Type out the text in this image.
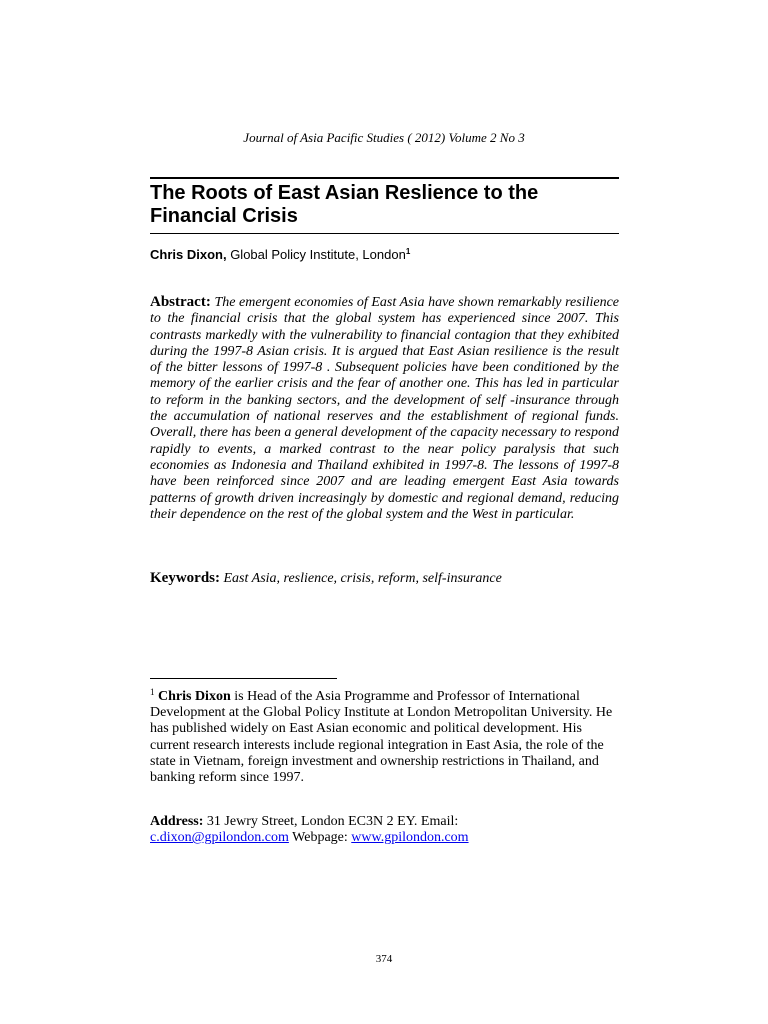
Journal of Asia Pacific Studies ( 2012) Volume 2 No 3
The Roots of East Asian Reslience to the Financial Crisis
Chris Dixon, Global Policy Institute, London$^1$
Abstract: The emergent economies of East Asia have shown remarkably resilience to the financial crisis that the global system has experienced since 2007. This contrasts markedly with the vulnerability to financial contagion that they exhibited during the 1997-8 Asian crisis. It is argued that East Asian resilience is the result of the bitter lessons of 1997-8 . Subsequent policies have been conditioned by the memory of the earlier crisis and the fear of another one. This has led in particular to reform in the banking sectors, and the development of self -insurance through the accumulation of national reserves and the establishment of regional funds. Overall, there has been a general development of the capacity necessary to respond rapidly to events, a marked contrast to the near policy paralysis that such economies as Indonesia and Thailand exhibited in 1997-8. The lessons of 1997-8 have been reinforced since 2007 and are leading emergent East Asia towards patterns of growth driven increasingly by domestic and regional demand, reducing their dependence on the rest of the global system and the West in particular.
Keywords: East Asia, reslience, crisis, reform, self-insurance
$^1$ Chris Dixon is Head of the Asia Programme and Professor of International Development at the Global Policy Institute at London Metropolitan University. He has published widely on East Asian economic and political development. His current research interests include regional integration in East Asia, the role of the state in Vietnam, foreign investment and ownership restrictions in Thailand, and banking reform since 1997.
Address: 31 Jewry Street, London EC3N 2 EY. Email:
c.dixon@gpilondon.com Webpage: www.gpilondon.com
374
